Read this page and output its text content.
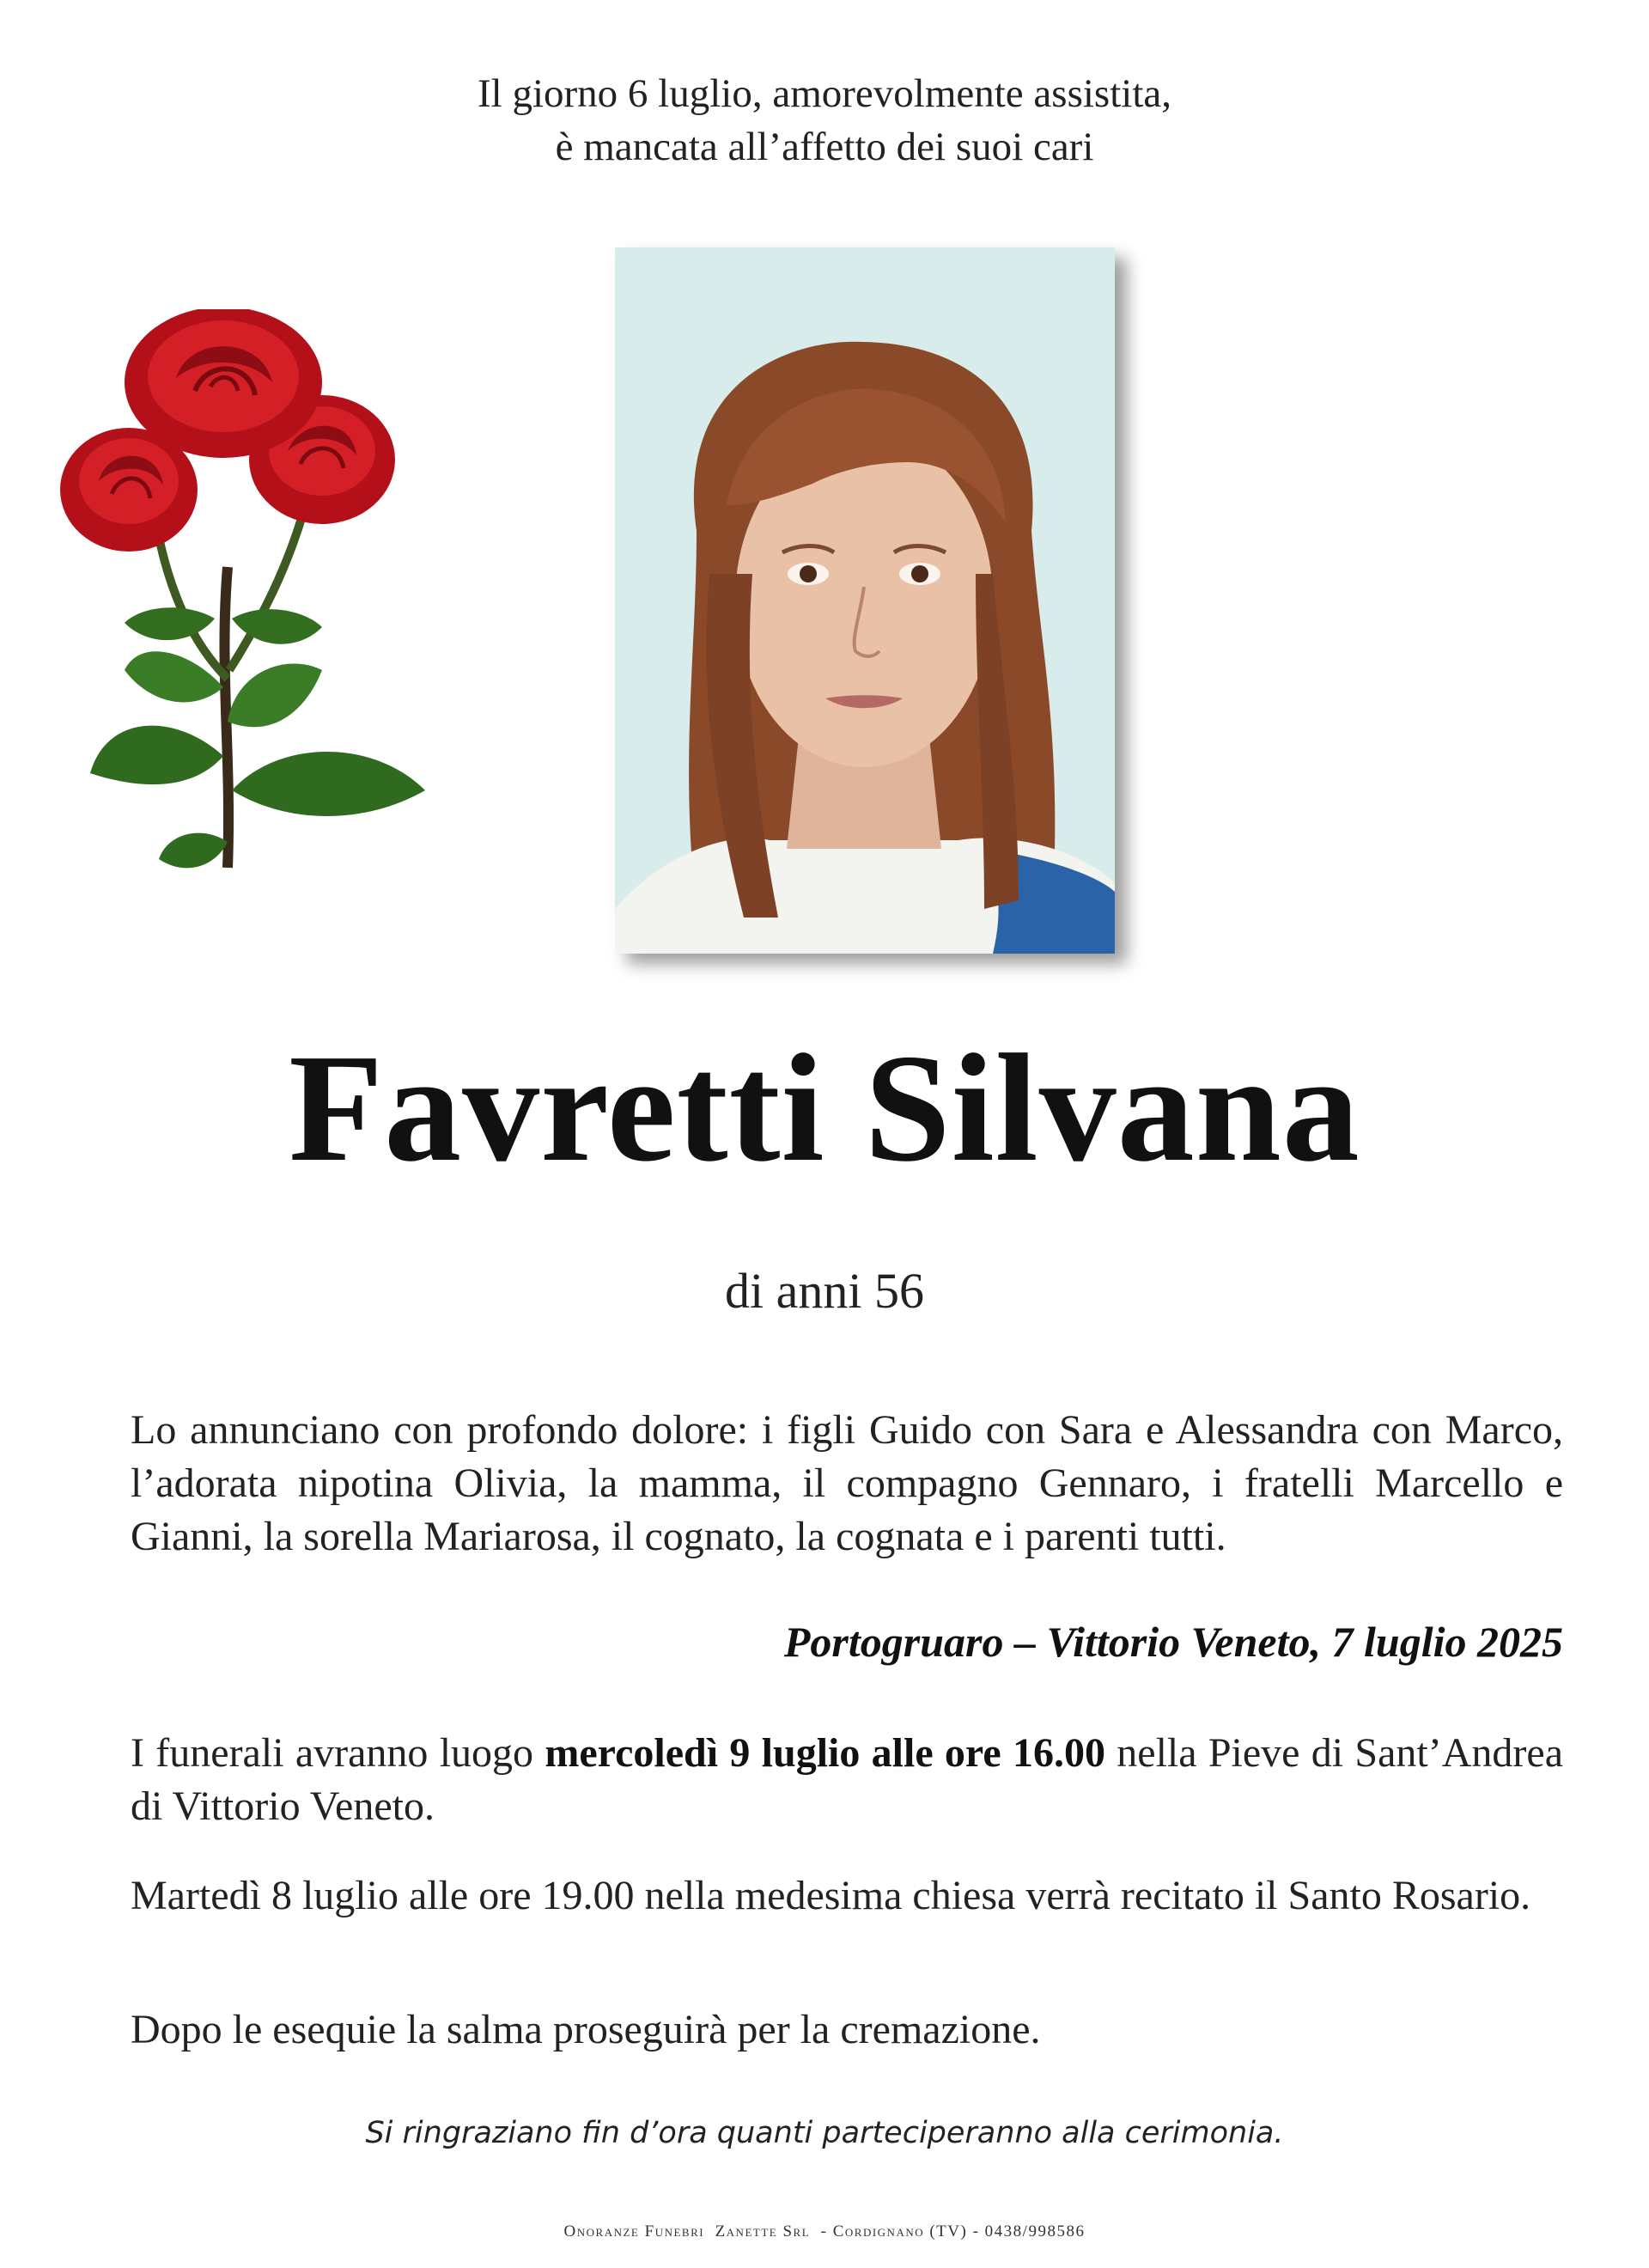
Il giorno 6 luglio, amorevolmente assistita,
è mancata all’affetto dei suoi cari
Favretti Silvana
di anni 56
Lo annunciano con profondo dolore: i figli Guido con Sara e Alessandra con Marco, l’adorata nipotina Olivia, la mamma, il compagno Gennaro, i fratelli Marcello e Gianni, la sorella Mariarosa, il cognato, la cognata e i parenti tutti.
Portogruaro – Vittorio Veneto, 7 luglio 2025
I funerali avranno luogo mercoledì 9 luglio alle ore 16.00 nella Pieve di Sant’Andrea di Vittorio Veneto.
Martedì 8 luglio alle ore 19.00 nella medesima chiesa verrà recitato il Santo Rosario.
Dopo le esequie la salma proseguirà per la cremazione.
Si ringraziano fin d’ora quanti parteciperanno alla cerimonia.
Onoranze Funebri  Zanette Srl  - Cordignano (TV) - 0438/998586
